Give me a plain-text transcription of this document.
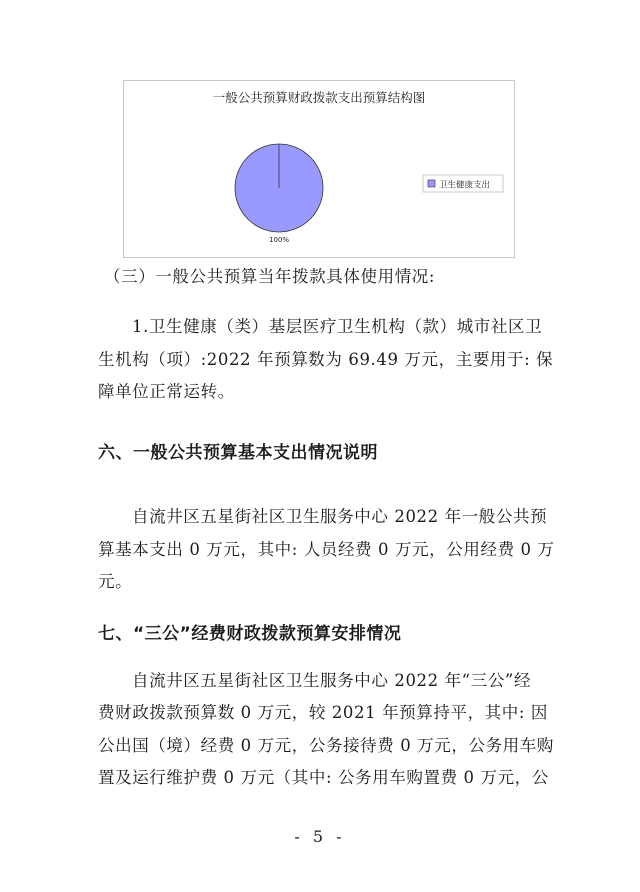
一般公共预算财政拨款支出预算结构图
100%
卫生健康支出
（三）一般公共预算当年拨款具体使用情况:
1.卫生健康（类）基层医疗卫生机构（款）城市社区卫
生机构（项）:2022 年预算数为 69.49 万元，主要用于: 保
障单位正常运转。
六、一般公共预算基本支出情况说明
自流井区五星街社区卫生服务中心 2022 年一般公共预
算基本支出 0 万元，其中: 人员经费 0 万元，公用经费 0 万
元。
七、“三公”经费财政拨款预算安排情况
自流井区五星街社区卫生服务中心 2022 年“三公”经
费财政拨款预算数 0 万元，较 2021 年预算持平，其中: 因
公出国（境）经费 0 万元，公务接待费 0 万元，公务用车购
置及运行维护费 0 万元（其中: 公务用车购置费 0 万元，公
- 5 -
